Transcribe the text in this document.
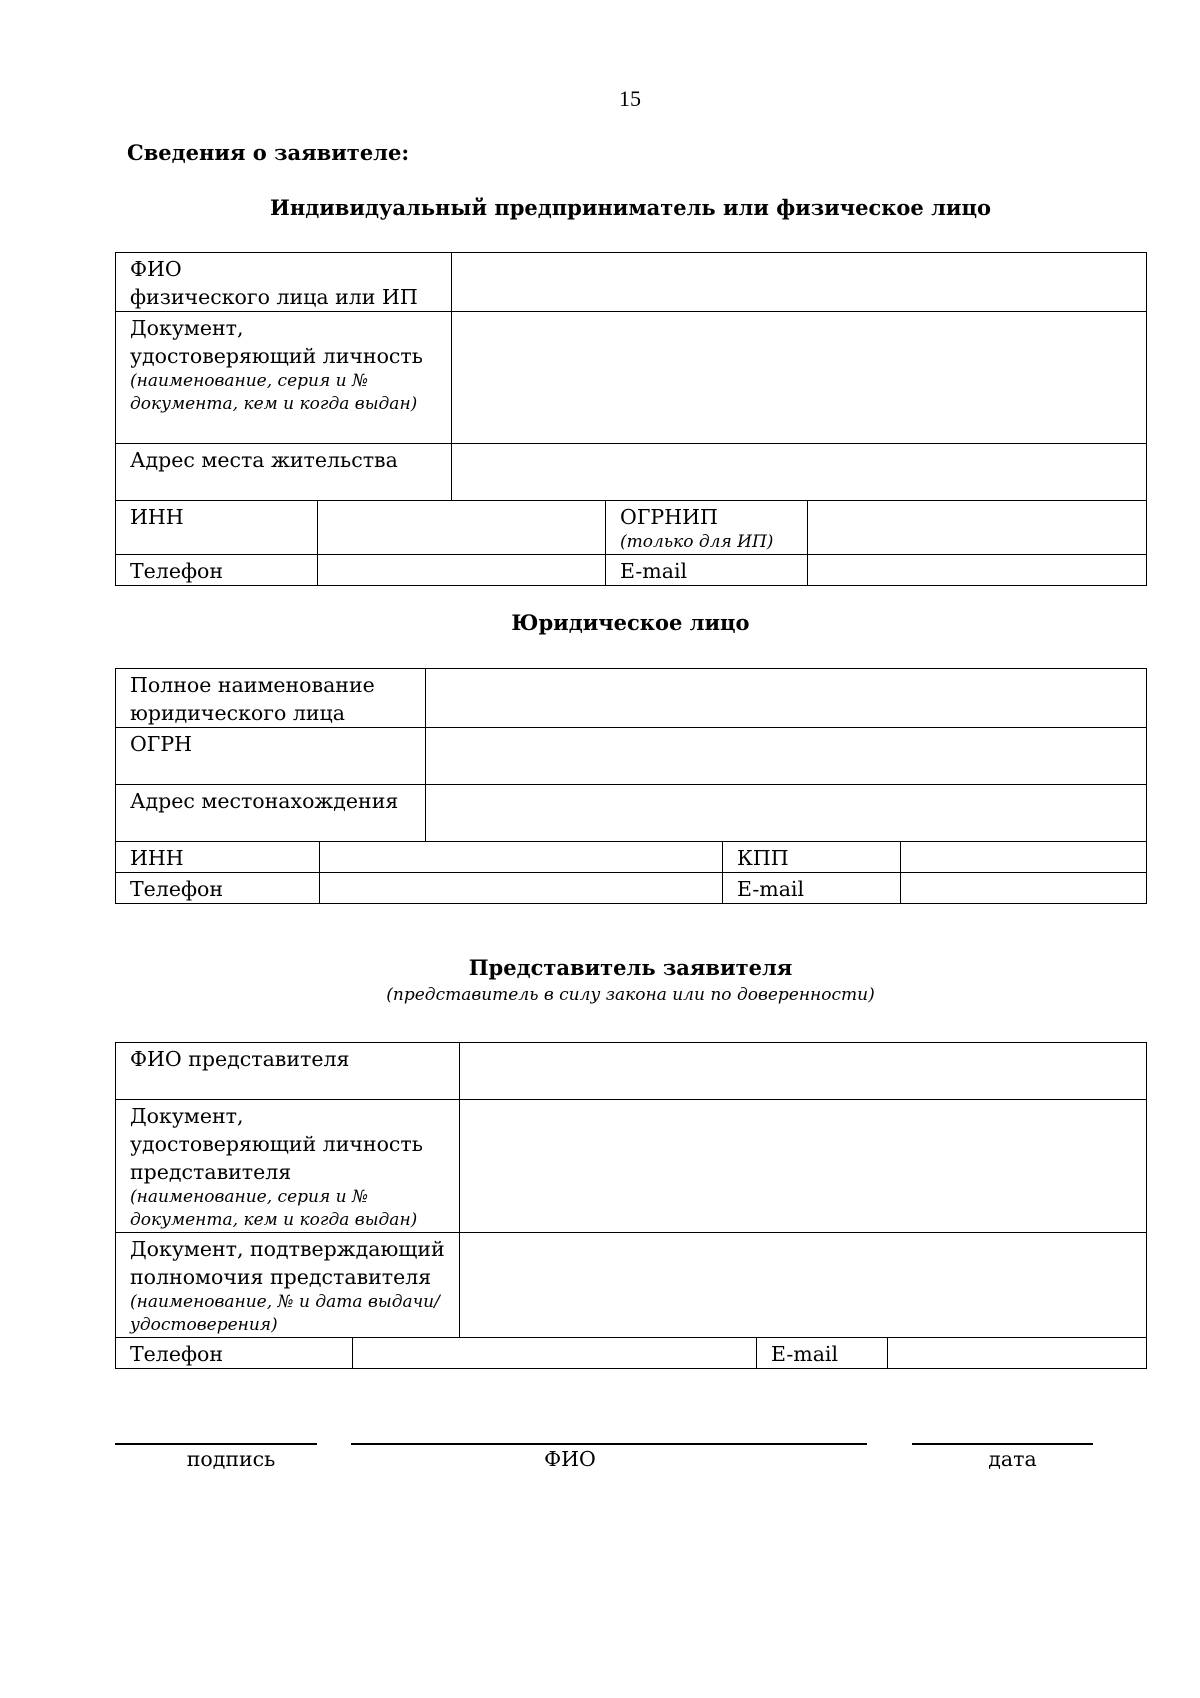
15
Сведения о заявителе:
Индивидуальный предприниматель или физическое лицо
ФИО
физического лица или ИП				

Документ,
удостоверяющий личность
(наименование, серия и № документа, кем и когда выдан)				

Адрес места жительства				
ИНН			ОГРНИП
(только для ИП)	

Телефон			E-mail	
Юридическое лицо
Полное наименование
юридического лица				

ОГРН				
Адрес местонахождения				
ИНН			КПП	
Телефон			E-mail	
Представитель заявителя
(представитель в силу закона или по доверенности)
ФИО представителя				

Документ,
удостоверяющий личность
представителя
(наименование, серия и № документа, кем и когда выдан)				

Документ, подтверждающий
полномочия представителя
(наименование, № и дата выдачи/удостоверения)				

Телефон			E-mail	
подпись	ФИО	дата
